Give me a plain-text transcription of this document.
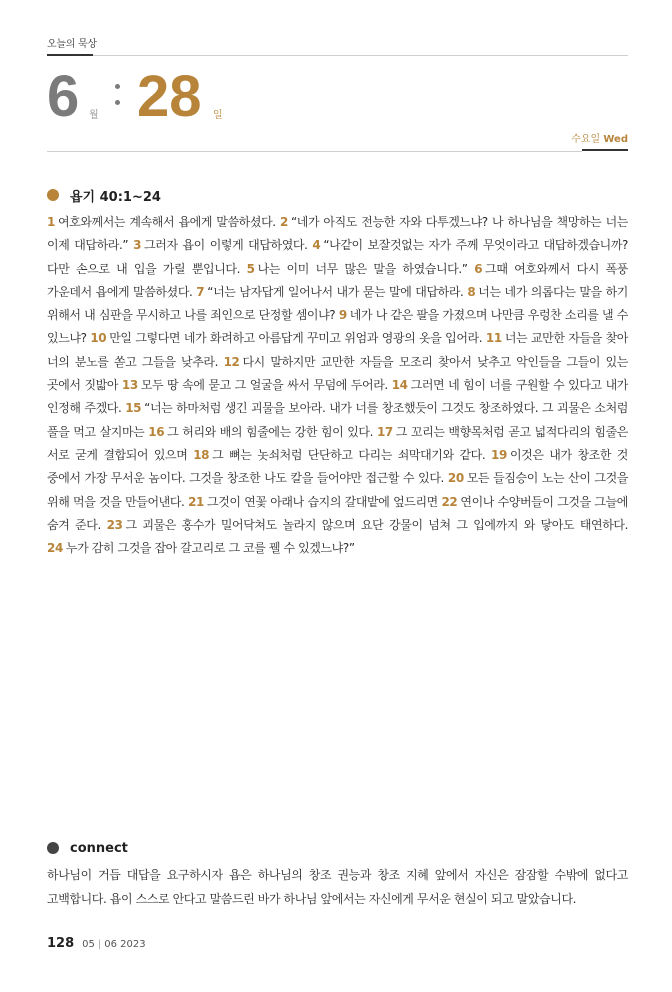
오늘의 묵상
6 월 28 일
수요일 Wed
욥기 40:1~24
1 여호와께서는 계속해서 욥에게 말씀하셨다. 2 “네가 아직도 전능한 자와 다투겠느냐? 나 하나님을 책망하는 너는 이제 대답하라.” 3 그러자 욥이 이렇게 대답하였다. 4 “나같이 보잘것없는 자가 주께 무엇이라고 대답하겠습니까? 다만 손으로 내 입을 가릴 뿐입니다. 5 나는 이미 너무 많은 말을 하였습니다.” 6 그때 여호와께서 다시 폭풍 가운데서 욥에게 말씀하셨다. 7 “너는 남자답게 일어나서 내가 묻는 말에 대답하라. 8 너는 네가 의롭다는 말을 하기 위해서 내 심판을 무시하고 나를 죄인으로 단정할 셈이냐? 9 네가 나 같은 팔을 가졌으며 나만큼 우렁찬 소리를 낼 수 있느냐? 10 만일 그렇다면 네가 화려하고 아름답게 꾸미고 위엄과 영광의 옷을 입어라. 11 너는 교만한 자들을 찾아 너의 분노를 쏟고 그들을 낮추라. 12 다시 말하지만 교만한 자들을 모조리 찾아서 낮추고 악인들을 그들이 있는 곳에서 짓밟아 13 모두 땅 속에 묻고 그 얼굴을 싸서 무덤에 두어라. 14 그러면 네 힘이 너를 구원할 수 있다고 내가 인정해 주겠다. 15 “너는 하마처럼 생긴 괴물을 보아라. 내가 너를 창조했듯이 그것도 창조하였다. 그 괴물은 소처럼 풀을 먹고 살지마는 16 그 허리와 배의 힘줄에는 강한 힘이 있다. 17 그 꼬리는 백향목처럼 곧고 넓적다리의 힘줄은 서로 굳게 결합되어 있으며 18 그 뼈는 놋쇠처럼 단단하고 다리는 쇠막대기와 같다. 19 이것은 내가 창조한 것 중에서 가장 무서운 놈이다. 그것을 창조한 나도 칼을 들어야만 접근할 수 있다. 20 모든 들짐승이 노는 산이 그것을 위해 먹을 것을 만들어낸다. 21 그것이 연꽃 아래나 습지의 갈대밭에 엎드리면 22 연이나 수양버들이 그것을 그늘에 숨겨 준다. 23 그 괴물은 홍수가 밀어닥쳐도 놀라지 않으며 요단 강물이 넘쳐 그 입에까지 와 닿아도 태연하다. 24 누가 감히 그것을 잡아 갈고리로 그 코를 꿸 수 있겠느냐?”
connect
하나님이 거듭 대답을 요구하시자 욥은 하나님의 창조 권능과 창조 지혜 앞에서 자신은 잠잠할 수밖에 없다고 고백합니다. 욥이 스스로 안다고 말씀드린 바가 하나님 앞에서는 자신에게 무서운 현실이 되고 말았습니다.
128 05 | 06 2023
